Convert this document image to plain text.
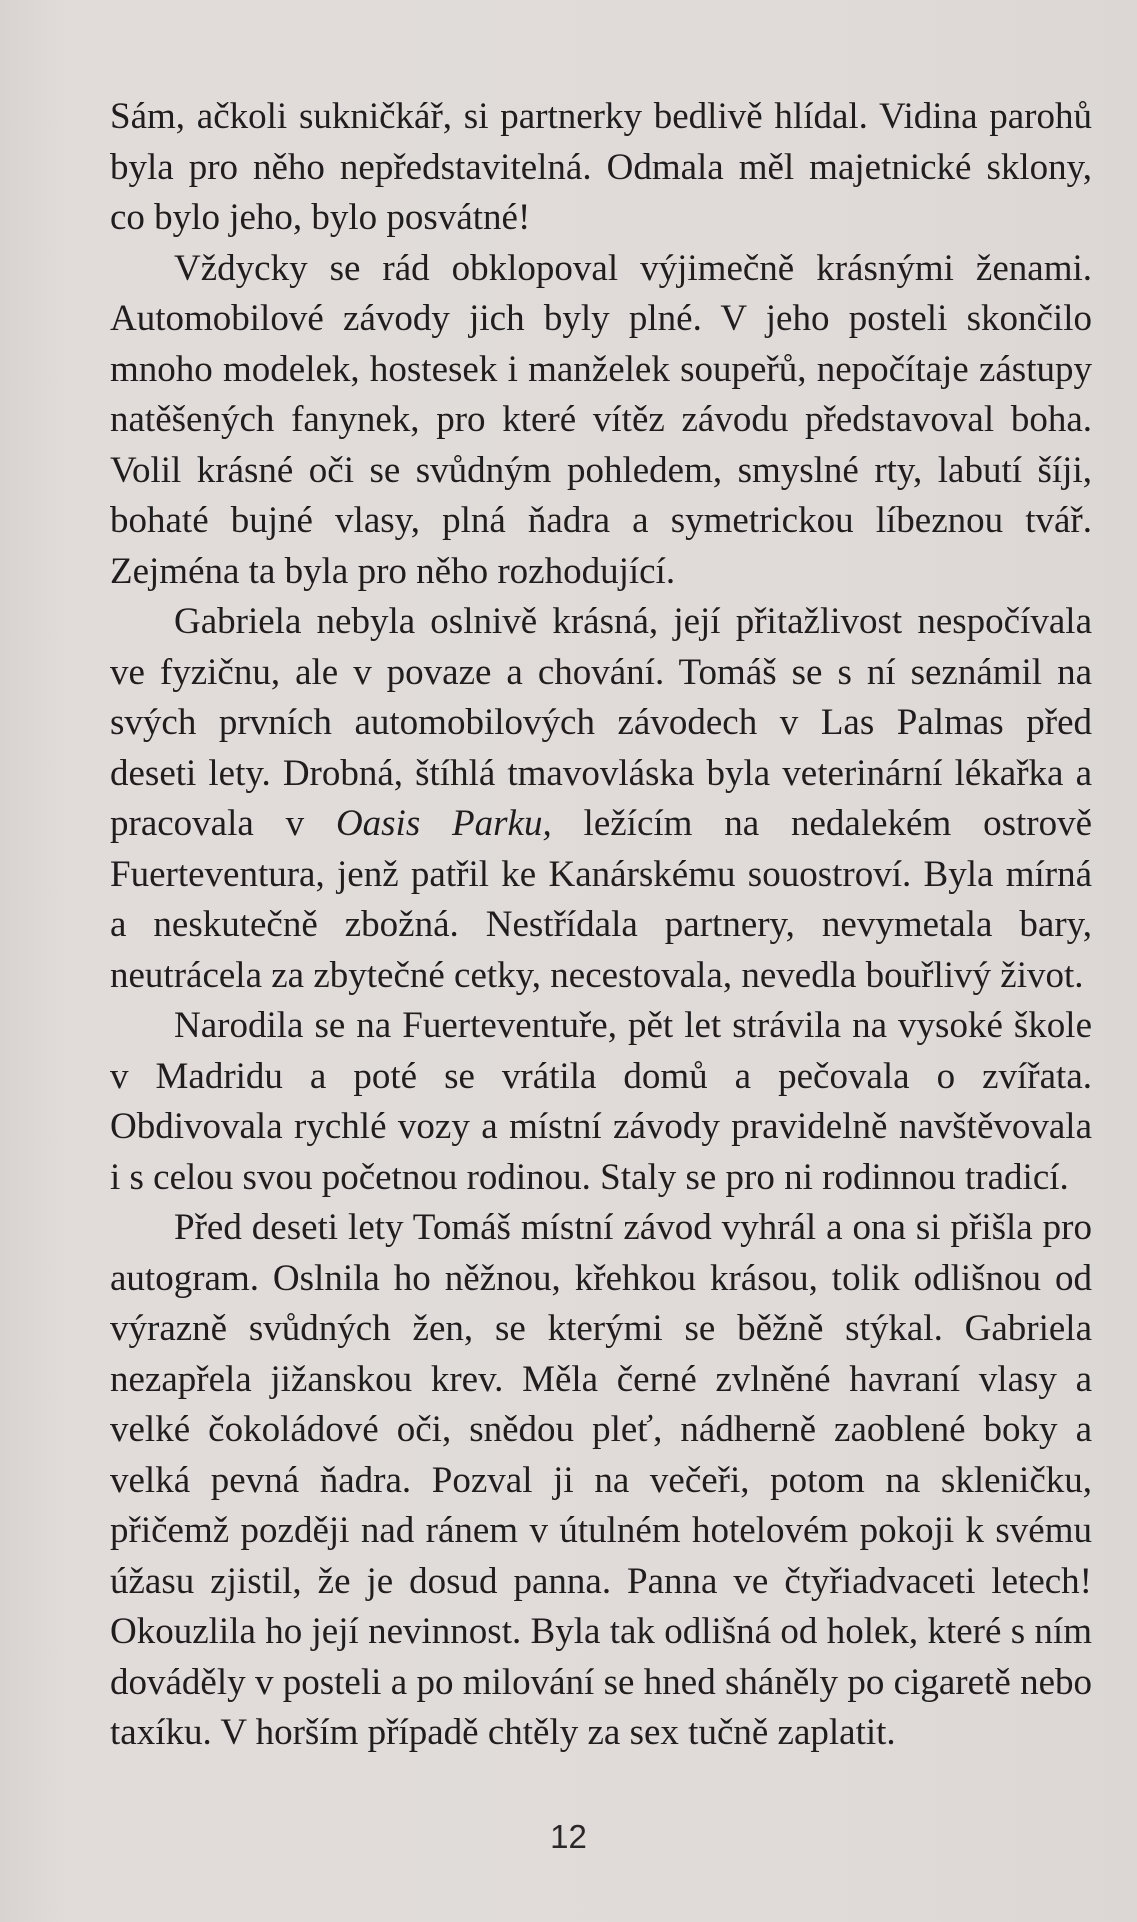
Sám, ačkoli sukničkář, si partnerky bedlivě hlídal. Vidina parohů byla pro něho nepředstavitelná. Odmala měl majetnické sklony, co bylo jeho, bylo posvátné!

Vždycky se rád obklopoval výjimečně krásnými ženami. Automobilové závody jich byly plné. V jeho posteli skončilo mnoho modelek, hostesek i manželek soupeřů, nepočítaje zástupy natěšených fanynek, pro které vítěz závodu představoval boha. Volil krásné oči se svůdným pohledem, smyslné rty, labutí šíji, bohaté bujné vlasy, plná ňadra a symetrickou líbeznou tvář. Zejména ta byla pro něho rozhodující.

Gabriela nebyla oslnivě krásná, její přitažlivost nespočívala ve fyzičnu, ale v povaze a chování. Tomáš se s ní seznámil na svých prvních automobilových závodech v Las Palmas před deseti lety. Drobná, štíhlá tmavovláska byla veterinární lékařka a pracovala v Oasis Parku, ležícím na nedalekém ostrově Fuerteventura, jenž patřil ke Kanárskému souostroví. Byla mírná a neskutečně zbožná. Nestřídala partnery, nevymetala bary, neutrácela za zbytečné cetky, necestovala, nevedla bouřlivý život.

Narodila se na Fuerteventuře, pět let strávila na vysoké škole v Madridu a poté se vrátila domů a pečovala o zvířata. Obdivovala rychlé vozy a místní závody pravidelně navštěvovala i s celou svou početnou rodinou. Staly se pro ni rodinnou tradicí.

Před deseti lety Tomáš místní závod vyhrál a ona si přišla pro autogram. Oslnila ho něžnou, křehkou krásou, tolik odlišnou od výrazně svůdných žen, se kterými se běžně stýkal. Gabriela nezapřela jižanskou krev. Měla černé zvlněné havraní vlasy a velké čokoládové oči, snědou pleť, nádherně zaoblené boky a velká pevná ňadra. Pozval ji na večeři, potom na skleničku, přičemž později nad ránem v útulném hotelovém pokoji k svému úžasu zjistil, že je dosud panna. Panna ve čtyřiadvaceti letech! Okouzlila ho její nevinnost. Byla tak odlišná od holek, které s ním dováděly v posteli a po milování se hned sháněly po cigaretě nebo taxíku. V horším případě chtěly za sex tučně zaplatit.

12
